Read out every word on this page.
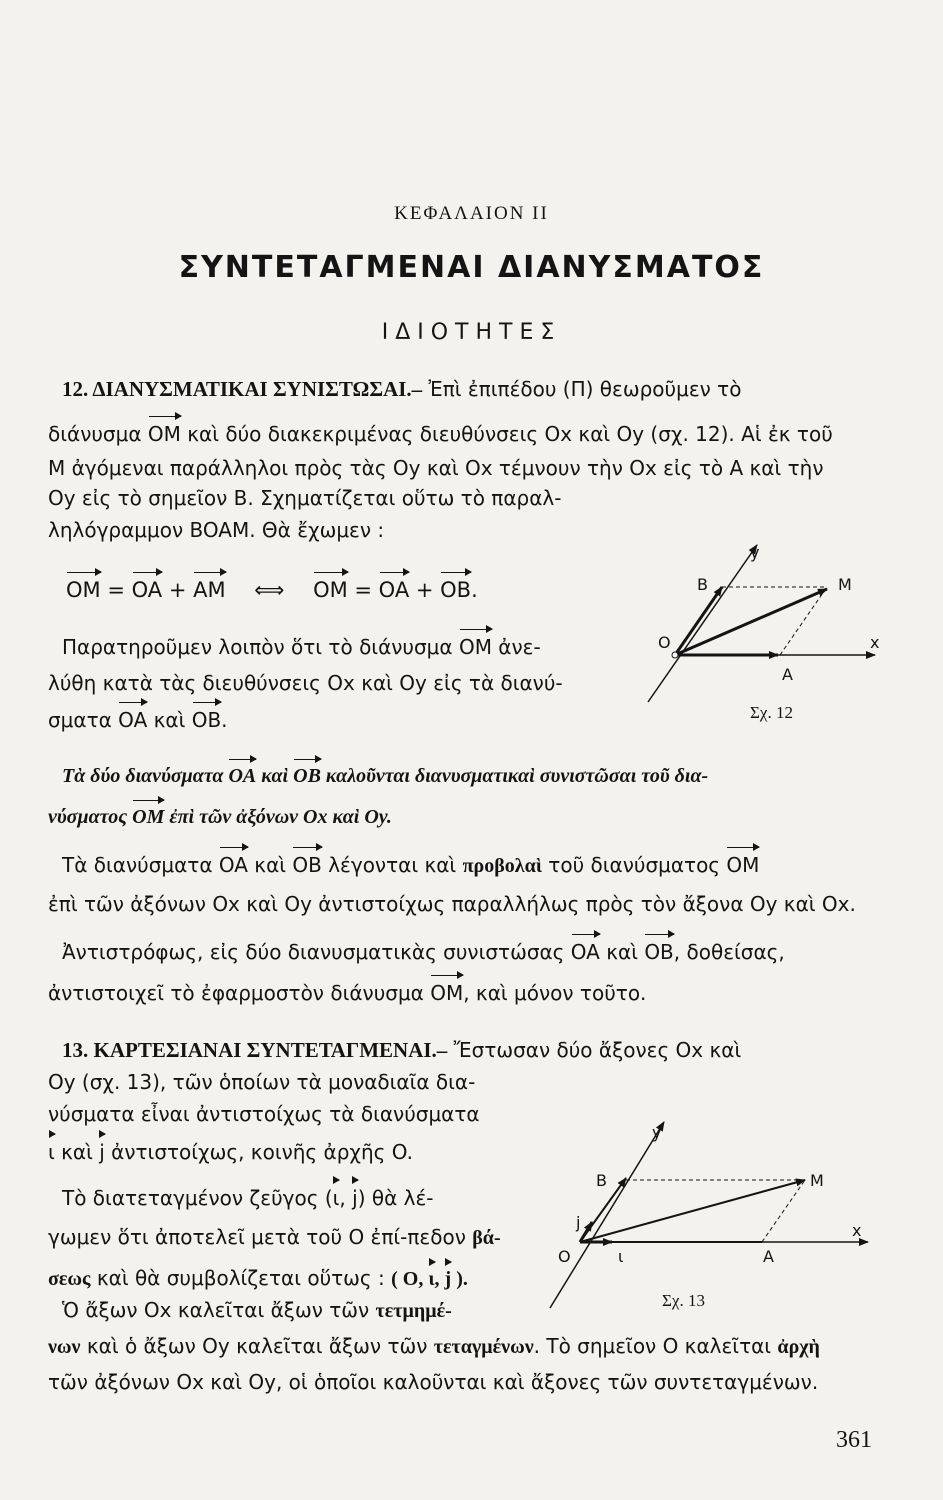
ΚΕΦΑΛΑΙΟΝ ΙΙ
ΣΥΝΤΕΤΑΓΜΕΝΑΙ ΔΙΑΝΥΣΜΑΤΟΣ
ΙΔΙΟΤΗΤΕΣ
12. ΔΙΑΝΥΣΜΑΤΙΚΑΙ ΣΥΝΙΣΤΩΣΑΙ.– Ἐπὶ ἐπιπέδου (Π) θεωροῦμεν τὸ
διάνυσμα OM καὶ δύο διακεκριμένας διευθύνσεις Ox καὶ Oy (σχ. 12). Αἱ ἐκ τοῦ
M ἀγόμεναι παράλληλοι πρὸς τὰς Oy καὶ Ox τέμνουν τὴν Ox εἰς τὸ A καὶ τὴν
Oy εἰς τὸ σημεῖον B. Σχηματίζεται οὕτω τὸ παραλ-
ληλόγραμμον BOAM. Θὰ ἔχωμεν :
OM = OA + AM ⟺ OM = OA + OB.
Παρατηροῦμεν λοιπὸν ὅτι τὸ διάνυσμα OM ἀνε-
λύθη κατὰ τὰς διευθύνσεις Ox καὶ Oy εἰς τὰ διανύ-
σματα OA καὶ OB.
Τὰ δύο διανύσματα OA καὶ OB καλοῦνται διανυσματικαὶ συνιστῶσαι τοῦ δια-
νύσματος OM ἐπὶ τῶν ἀξόνων Ox καὶ Oy.
Τὰ διανύσματα OA καὶ OB λέγονται καὶ προβολαὶ τοῦ διανύσματος OM
ἐπὶ τῶν ἀξόνων Ox καὶ Oy ἀντιστοίχως παραλλήλως πρὸς τὸν ἄξονα Oy καὶ Ox.
Ἀντιστρόφως, εἰς δύο διανυσματικὰς συνιστώσας OA καὶ OB, δοθείσας,
ἀντιστοιχεῖ τὸ ἐφαρμοστὸν διάνυσμα OM, καὶ μόνον τοῦτο.
13. ΚΑΡΤΕΣΙΑΝΑΙ ΣΥΝΤΕΤΑΓΜΕΝΑΙ.– Ἔστωσαν δύο ἄξονες Ox καὶ
Oy (σχ. 13), τῶν ὁποίων τὰ μοναδιαῖα δια-
νύσματα εἶναι ἀντιστοίχως τὰ διανύσματα
ι καὶ j ἀντιστοίχως, κοινῆς ἀρχῆς O.
Τὸ διατεταγμένον ζεῦγος (ι, j) θὰ λέ-
γωμεν ὅτι ἀποτελεῖ μετὰ τοῦ O ἐπί-πεδον βά-
σεως καὶ θὰ συμβολίζεται οὕτως : ( O, ι, j ).
Ὁ ἄξων Ox καλεῖται ἄξων τῶν τετμημέ-
νων καὶ ὁ ἄξων Oy καλεῖται ἄξων τῶν τεταγμένων. Τὸ σημεῖον O καλεῖται ἀρχὴ
τῶν ἀξόνων Ox καὶ Oy, οἱ ὁποῖοι καλοῦνται καὶ ἄξονες τῶν συντεταγμένων.
y
B	M
O	x
A
Σχ. 12
y
B	M
j
O	ι	A
x
Σχ. 13
361
